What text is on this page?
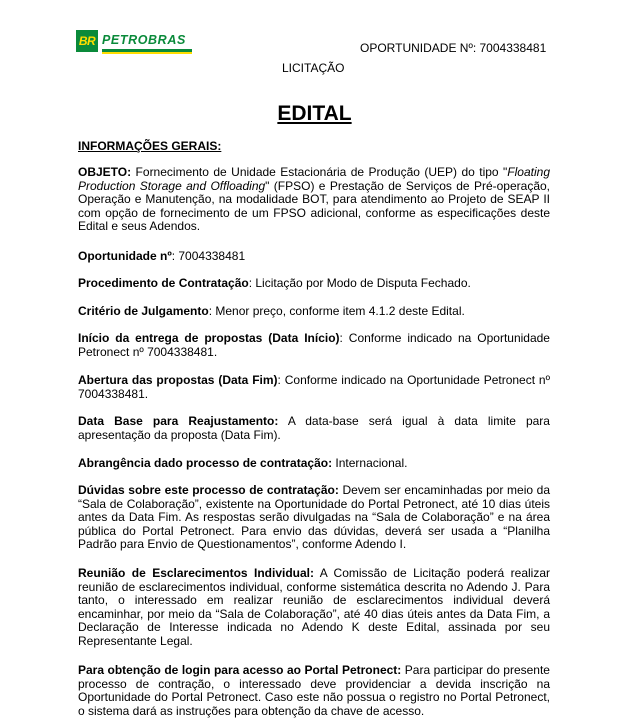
BR PETROBRAS
OPORTUNIDADE Nº: 7004338481
LICITAÇÃO
EDITAL
INFORMAÇÕES GERAIS:

OBJETO: Fornecimento de Unidade Estacionária de Produção (UEP) do tipo "Floating Production Storage and Offloading" (FPSO) e Prestação de Serviços de Pré-operação, Operação e Manutenção, na modalidade BOT, para atendimento ao Projeto de SEAP II com opção de fornecimento de um FPSO adicional, conforme as especificações deste Edital e seus Adendos.

Oportunidade nº: 7004338481

Procedimento de Contratação: Licitação por Modo de Disputa Fechado.

Critério de Julgamento: Menor preço, conforme item 4.1.2 deste Edital.

Início da entrega de propostas (Data Início): Conforme indicado na Oportunidade Petronect nº 7004338481.

Abertura das propostas (Data Fim): Conforme indicado na Oportunidade Petronect nº 7004338481.

Data Base para Reajustamento: A data-base será igual à data limite para apresentação da proposta (Data Fim).

Abrangência dado processo de contratação: Internacional.

Dúvidas sobre este processo de contratação: Devem ser encaminhadas por meio da “Sala de Colaboração”, existente na Oportunidade do Portal Petronect, até 10 dias úteis antes da Data Fim. As respostas serão divulgadas na “Sala de Colaboração” e na área pública do Portal Petronect. Para envio das dúvidas, deverá ser usada a “Planilha Padrão para Envio de Questionamentos”, conforme Adendo I.

Reunião de Esclarecimentos Individual: A Comissão de Licitação poderá realizar reunião de esclarecimentos individual, conforme sistemática descrita no Adendo J. Para tanto, o interessado em realizar reunião de esclarecimentos individual deverá encaminhar, por meio da “Sala de Colaboração”, até 40 dias úteis antes da Data Fim, a Declaração de Interesse indicada no Adendo K deste Edital, assinada por seu Representante Legal.

Para obtenção de login para acesso ao Portal Petronect: Para participar do presente processo de contração, o interessado deve providenciar a devida inscrição na Oportunidade do Portal Petronect. Caso este não possua o registro no Portal Petronect, o sistema dará as instruções para obtenção da chave de acesso.
